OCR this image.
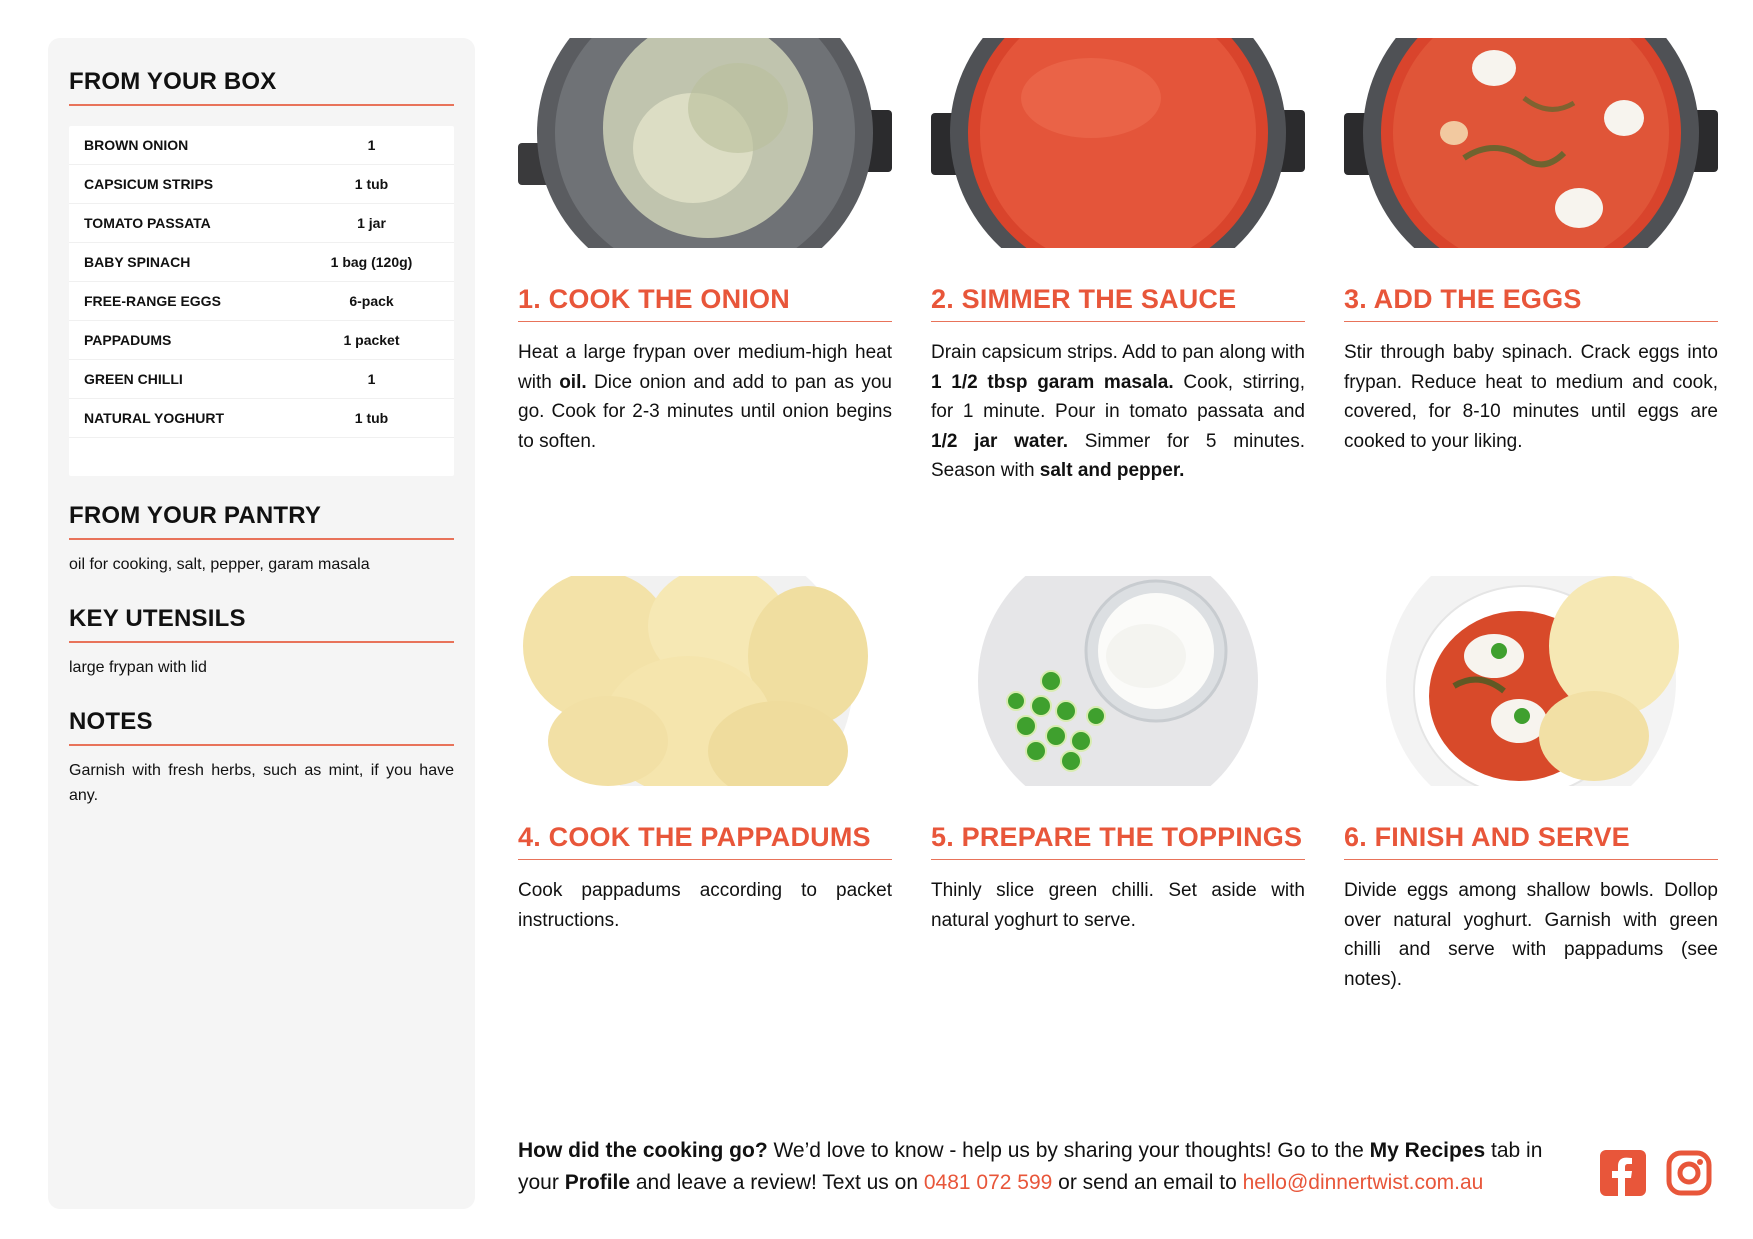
FROM YOUR BOX
BROWN ONION	1
CAPSICUM STRIPS	1 tub
TOMATO PASSATA	1 jar
BABY SPINACH	1 bag (120g)
FREE-RANGE EGGS	6-pack
PAPPADUMS	1 packet
GREEN CHILLI	1
NATURAL YOGHURT	1 tub
FROM YOUR PANTRY
oil for cooking, salt, pepper, garam masala
KEY UTENSILS
large frypan with lid
NOTES
Garnish with fresh herbs, such as mint, if you have any.
1. COOK THE ONION
Heat a large frypan over medium-high heat with oil. Dice onion and add to pan as you go. Cook for 2-3 minutes until onion begins to soften.
2. SIMMER THE SAUCE
Drain capsicum strips. Add to pan along with 1 1/2 tbsp garam masala. Cook, stirring, for 1 minute. Pour in tomato passata and 1/2 jar water. Simmer for 5 minutes. Season with salt and pepper.
3. ADD THE EGGS
Stir through baby spinach. Crack eggs into frypan. Reduce heat to medium and cook, covered, for 8-10 minutes until eggs are cooked to your liking.
4. COOK THE PAPPADUMS
Cook pappadums according to packet instructions.
5. PREPARE THE TOPPINGS
Thinly slice green chilli. Set aside with natural yoghurt to serve.
6. FINISH AND SERVE
Divide eggs among shallow bowls. Dollop over natural yoghurt. Garnish with green chilli and serve with pappadums (see notes).
How did the cooking go? We’d love to know - help us by sharing your thoughts! Go to the My Recipes tab in your Profile and leave a review! Text us on 0481 072 599 or send an email to hello@dinnertwist.com.au
